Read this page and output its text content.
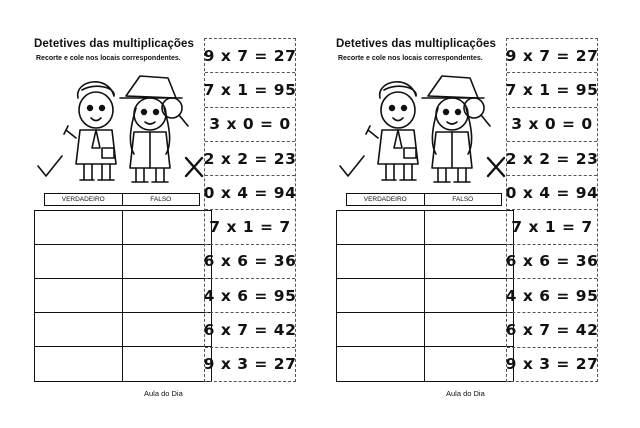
Detetives das multiplicações
Recorte e cole nos locais correspondentes.
VERDADEIRO	FALSO
9 x 7 = 27
7 x 1 = 95
3 x 0 = 0
2 x 2 = 23
0 x 4 = 94
7 x 1 = 7
6 x 6 = 36
4 x 6 = 95
6 x 7 = 42
9 x 3 = 27
Aula do Dia
Detetives das multiplicações
Recorte e cole nos locais correspondentes.
VERDADEIRO	FALSO
9 x 7 = 27
7 x 1 = 95
3 x 0 = 0
2 x 2 = 23
0 x 4 = 94
7 x 1 = 7
6 x 6 = 36
4 x 6 = 95
6 x 7 = 42
9 x 3 = 27
Aula do Dia
